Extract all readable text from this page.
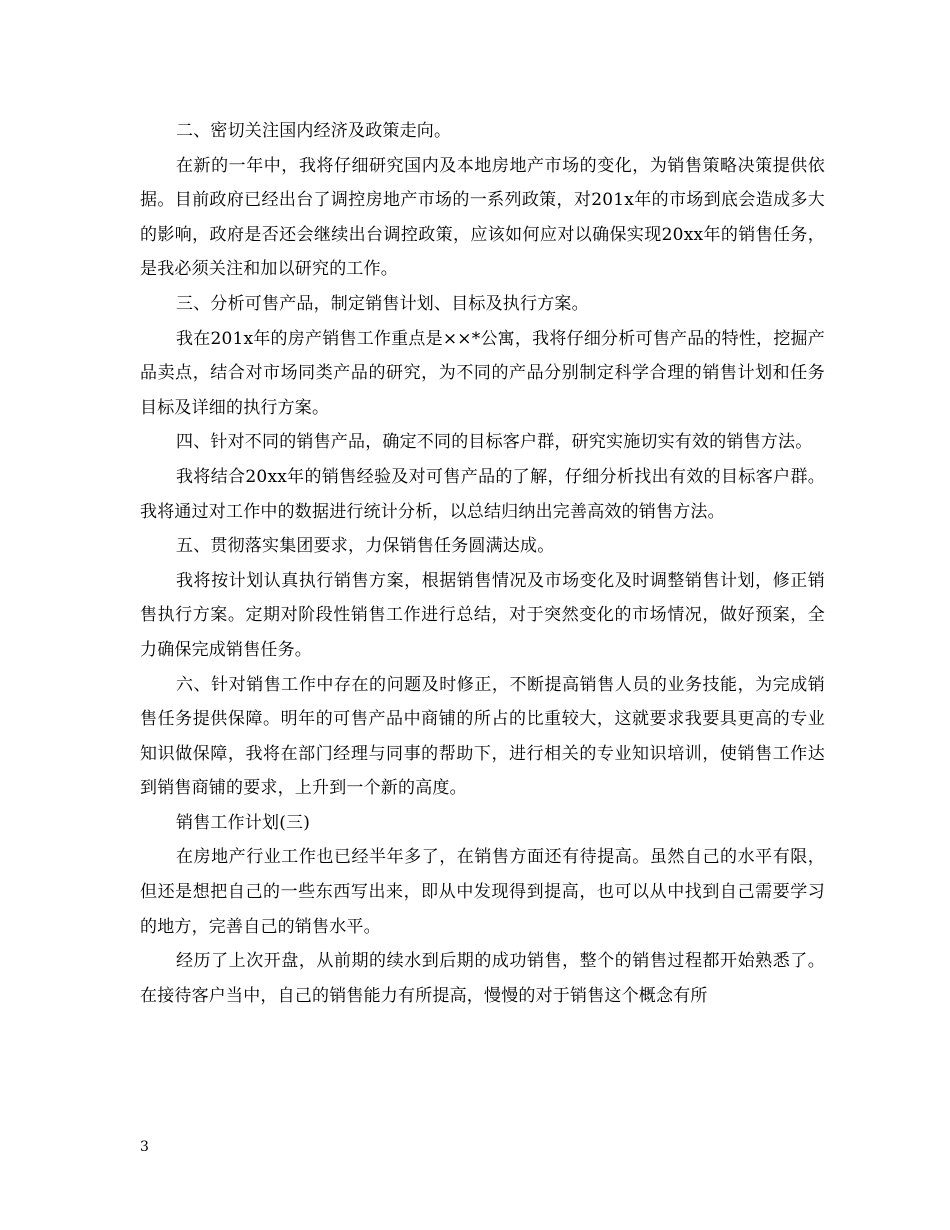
二、密切关注国内经济及政策走向。

在新的一年中，我将仔细研究国内及本地房地产市场的变化，为销售策略决策提供依据。目前政府已经出台了调控房地产市场的一系列政策，对201x年的市场到底会造成多大的影响，政府是否还会继续出台调控政策，应该如何应对以确保实现20xx年的销售任务，是我必须关注和加以研究的工作。

三、分析可售产品，制定销售计划、目标及执行方案。

我在201x年的房产销售工作重点是××*公寓，我将仔细分析可售产品的特性，挖掘产品卖点，结合对市场同类产品的研究，为不同的产品分别制定科学合理的销售计划和任务目标及详细的执行方案。

四、针对不同的销售产品，确定不同的目标客户群，研究实施切实有效的销售方法。

我将结合20xx年的销售经验及对可售产品的了解，仔细分析找出有效的目标客户群。我将通过对工作中的数据进行统计分析，以总结归纳出完善高效的销售方法。

五、贯彻落实集团要求，力保销售任务圆满达成。

我将按计划认真执行销售方案，根据销售情况及市场变化及时调整销售计划，修正销售执行方案。定期对阶段性销售工作进行总结，对于突然变化的市场情况，做好预案，全力确保完成销售任务。

六、针对销售工作中存在的问题及时修正，不断提高销售人员的业务技能，为完成销售任务提供保障。明年的可售产品中商铺的所占的比重较大，这就要求我要具更高的专业知识做保障，我将在部门经理与同事的帮助下，进行相关的专业知识培训，使销售工作达到销售商铺的要求，上升到一个新的高度。

销售工作计划(三)

在房地产行业工作也已经半年多了，在销售方面还有待提高。虽然自己的水平有限，但还是想把自己的一些东西写出来，即从中发现得到提高，也可以从中找到自己需要学习的地方，完善自己的销售水平。

经历了上次开盘，从前期的续水到后期的成功销售，整个的销售过程都开始熟悉了。在接待客户当中，自己的销售能力有所提高，慢慢的对于销售这个概念有所

3
